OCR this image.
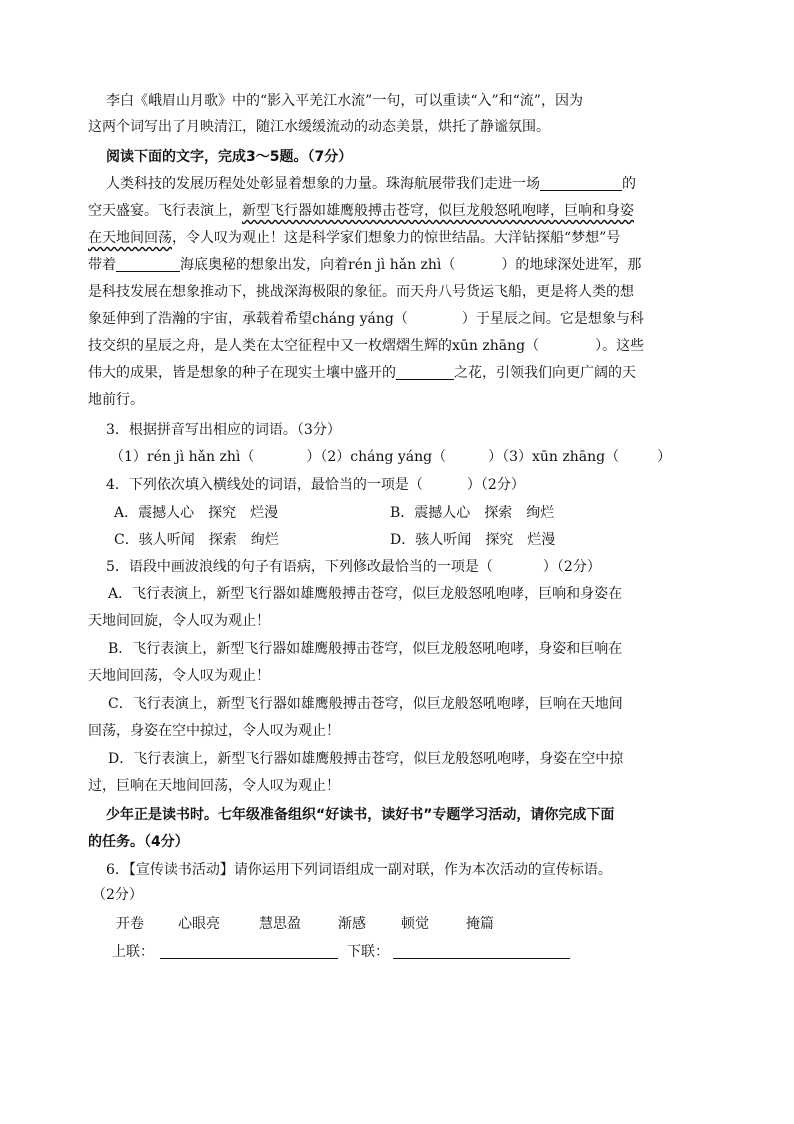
李白《峨眉山月歌》中的“影入平羌江水流”一句，可以重读“入”和“流”，因为
这两个词写出了月映清江，随江水缓缓流动的动态美景，烘托了静谧氛围。
阅读下面的文字，完成3～5题。（7分）
人类科技的发展历程处处彰显着想象的力量。珠海航展带我们走进一场	的
空天盛宴。飞行表演上，新型飞行器如雄鹰般搏击苍穹，似巨龙般怒吼咆哮，巨响和身姿
在天地间回荡，令人叹为观止！这是科学家们想象力的惊世结晶。大洋钻探船“梦想”号
带着	海底奥秘的想象出发，向着rén jì hǎn zhì（	）的地球深处进军，那
是科技发展在想象推动下，挑战深海极限的象征。而天舟八号货运飞船，更是将人类的想
象延伸到了浩瀚的宇宙，承载着希望cháng yáng（	）于星辰之间。它是想象与科
技交织的星辰之舟，是人类在太空征程中又一枚熠熠生辉的xūn zhāng（	）。这些
伟大的成果，皆是想象的种子在现实土壤中盛开的	之花，引领我们向更广阔的天
地前行。
3．根据拼音写出相应的词语。（3分）
（1）rén jì hǎn zhì（	）（2）cháng yáng（	）（3）xūn zhāng（	）
4．下列依次填入横线处的词语，最恰当的一项是（	）（2分）
A．震撼人心　探究　烂漫	B．震撼人心　探索　绚烂
C．骇人听闻　探索　绚烂	D．骇人听闻　探究　烂漫
5．语段中画波浪线的句子有语病，下列修改最恰当的一项是（	）（2分）
A．飞行表演上，新型飞行器如雄鹰般搏击苍穹，似巨龙般怒吼咆哮，巨响和身姿在
天地间回旋，令人叹为观止！
B．飞行表演上，新型飞行器如雄鹰般搏击苍穹，似巨龙般怒吼咆哮，身姿和巨响在
天地间回荡，令人叹为观止！
C．飞行表演上，新型飞行器如雄鹰般搏击苍穹，似巨龙般怒吼咆哮，巨响在天地间
回荡，身姿在空中掠过，令人叹为观止！
D．飞行表演上，新型飞行器如雄鹰般搏击苍穹，似巨龙般怒吼咆哮，身姿在空中掠
过，巨响在天地间回荡，令人叹为观止！
少年正是读书时。七年级准备组织“好读书，读好书”专题学习活动，请你完成下面
的任务。（4分）
6．【宣传读书活动】请你运用下列词语组成一副对联，作为本次活动的宣传标语。
（2分）
开卷 心眼亮	慧思盈	渐感	顿觉	掩篇
上联：	下联：
